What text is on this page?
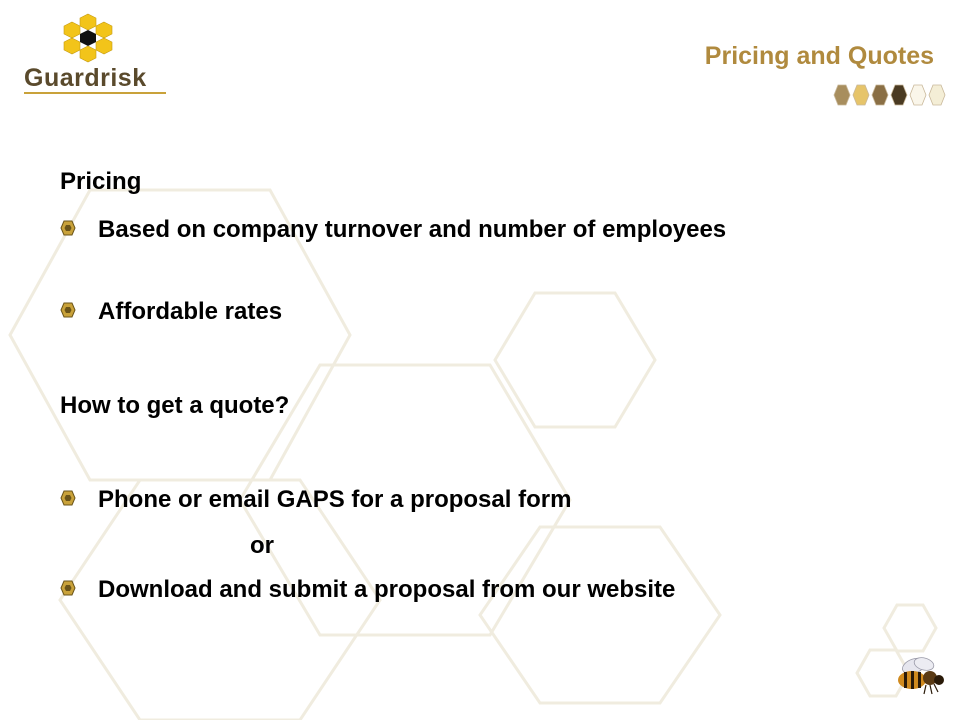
Guardrisk
Pricing and Quotes
Pricing
Based on company turnover and number of employees
Affordable rates
How to get a quote?
Phone or email GAPS for a proposal form
or
Download and submit a proposal from our website
